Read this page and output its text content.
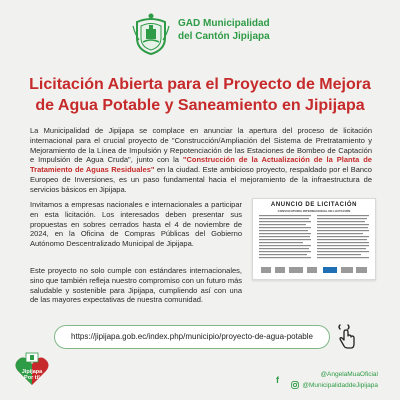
GAD Municipalidad
del Cantón Jipijapa
Licitación Abierta para el Proyecto de Mejora
de Agua Potable y Saneamiento en Jipijapa
La Municipalidad de Jipijapa se complace en anunciar la apertura del proceso de licitación internacional para el crucial proyecto de "Construcción/Ampliación del Sistema de Pretratamiento y Mejoramiento de la Línea de Impulsión y Repotenciación de las Estaciones de Bombeo de Captación e Impulsión de Agua Cruda", junto con la "Construcción de la Actualización de la Planta de Tratamiento de Aguas Residuales" en la ciudad. Este ambicioso proyecto, respaldado por el Banco Europeo de Inversiones, es un paso fundamental hacia el mejoramiento de la infraestructura de servicios básicos en Jipijapa.
Invitamos a empresas nacionales e internacionales a participar en esta licitación. Los interesados deben presentar sus propuestas en sobres cerrados hasta el 4 de noviembre de 2024, en la Oficina de Compras Públicas del Gobierno Autónomo Descentralizado Municipal de Jipijapa.
Este proyecto no solo cumple con estándares internacionales, sino que también refleja nuestro compromiso con un futuro más saludable y sostenible para Jipijapa, cumpliendo así con una de las mayores expectativas de nuestra comunidad.
ANUNCIO DE LICITACIÓN
CONVOCATORIA INTERNACIONAL DE LICITACIÓN
https://jipijapa.gob.ec/index.php/municipio/proyecto-de-agua-potable
Jipijapa
Por ti!	f
@AngelaMuaOficial
@MunicipalidaddeJipijapa
